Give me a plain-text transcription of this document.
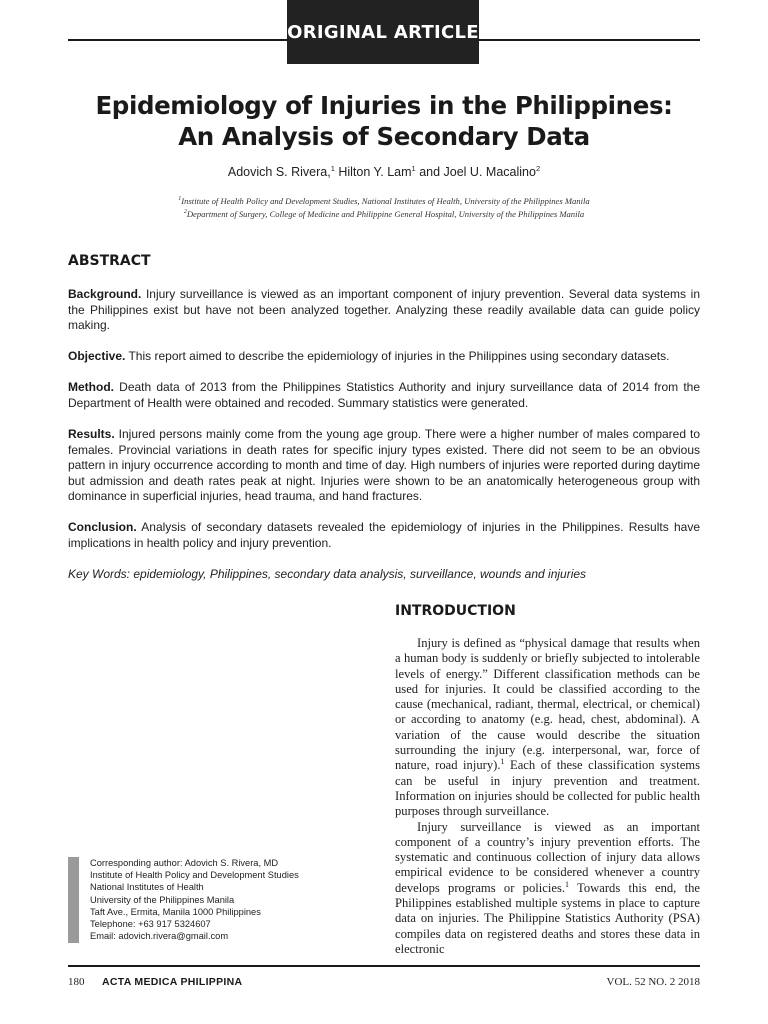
ORIGINAL ARTICLE
Epidemiology of Injuries in the Philippines:
An Analysis of Secondary Data
Adovich S. Rivera,$^1$ Hilton Y. Lam$^1$ and Joel U. Macalino$^2$
$^1$Institute of Health Policy and Development Studies, National Institutes of Health, University of the Philippines Manila
$^2$Department of Surgery, College of Medicine and Philippine General Hospital, University of the Philippines Manila
ABSTRACT

Background. Injury surveillance is viewed as an important component of injury prevention. Several data systems in the Philippines exist but have not been analyzed together. Analyzing these readily available data can guide policy making.

Objective. This report aimed to describe the epidemiology of injuries in the Philippines using secondary datasets.

Method. Death data of 2013 from the Philippines Statistics Authority and injury surveillance data of 2014 from the Department of Health were obtained and recoded. Summary statistics were generated.

Results. Injured persons mainly come from the young age group. There were a higher number of males compared to females. Provincial variations in death rates for specific injury types existed. There did not seem to be an obvious pattern in injury occurrence according to month and time of day. High numbers of injuries were reported during daytime but admission and death rates peak at night. Injuries were shown to be an anatomically heterogeneous group with dominance in superficial injuries, head trauma, and hand fractures.

Conclusion. Analysis of secondary datasets revealed the epidemiology of injuries in the Philippines. Results have implications in health policy and injury prevention.

Key Words: epidemiology, Philippines, secondary data analysis, surveillance, wounds and injuries

INTRODUCTION

Injury is defined as “physical damage that results when a human body is suddenly or briefly subjected to intolerable levels of energy.” Different classification methods can be used for injuries. It could be classified according to the cause (mechanical, radiant, thermal, electrical, or chemical) or according to anatomy (e.g. head, chest, abdominal). A variation of the cause would describe the situation surrounding the injury (e.g. interpersonal, war, force of nature, road injury).$^1$ Each of these classification systems can be useful in injury prevention and treatment. Information on injuries should be collected for public health purposes through surveillance.

Injury surveillance is viewed as an important component of a country’s injury prevention efforts. The systematic and continuous collection of injury data allows empirical evidence to be considered whenever a country develops programs or policies.$^1$ Towards this end, the Philippines established multiple systems in place to capture data on injuries. The Philippine Statistics Authority (PSA) compiles data on registered deaths and stores these data in electronic

Corresponding author: Adovich S. Rivera, MD
Institute of Health Policy and Development Studies
National Institutes of Health
University of the Philippines Manila
Taft Ave., Ermita, Manila 1000 Philippines
Telephone: +63 917 5324607
Email: adovich.rivera@gmail.com
180 ACTA MEDICA PHILIPPINA	VOL. 52 NO. 2 2018
